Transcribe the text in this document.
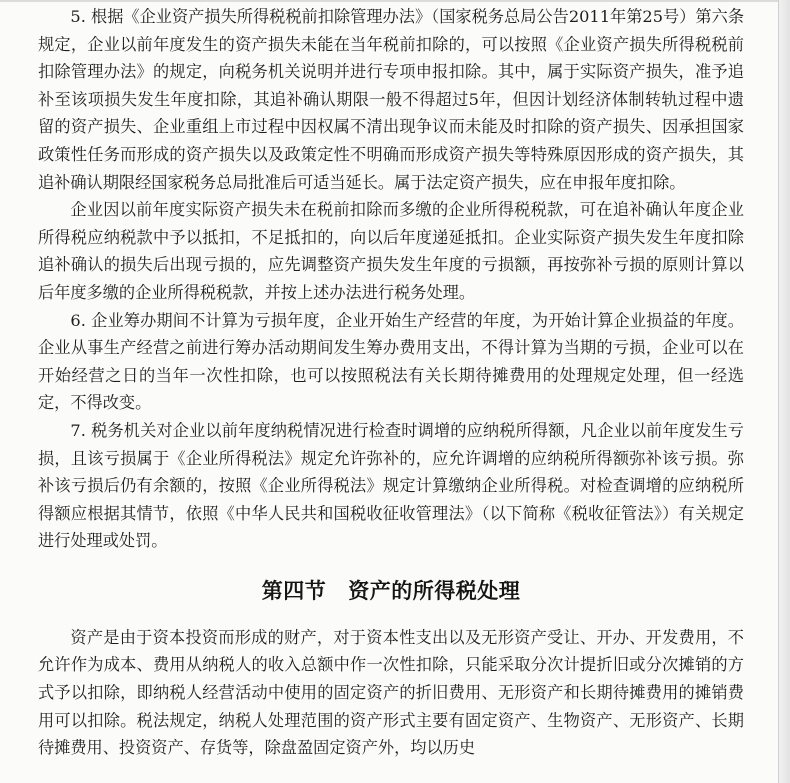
5. 根据《企业资产损失所得税税前扣除管理办法》（国家税务总局公告2011年第25号）第六条规定，企业以前年度发生的资产损失未能在当年税前扣除的，可以按照《企业资产损失所得税税前扣除管理办法》的规定，向税务机关说明并进行专项申报扣除。其中，属于实际资产损失，准予追补至该项损失发生年度扣除，其追补确认期限一般不得超过5年，但因计划经济体制转轨过程中遗留的资产损失、企业重组上市过程中因权属不清出现争议而未能及时扣除的资产损失、因承担国家政策性任务而形成的资产损失以及政策定性不明确而形成资产损失等特殊原因形成的资产损失，其追补确认期限经国家税务总局批准后可适当延长。属于法定资产损失，应在申报年度扣除。

企业因以前年度实际资产损失未在税前扣除而多缴的企业所得税税款，可在追补确认年度企业所得税应纳税款中予以抵扣，不足抵扣的，向以后年度递延抵扣。企业实际资产损失发生年度扣除追补确认的损失后出现亏损的，应先调整资产损失发生年度的亏损额，再按弥补亏损的原则计算以后年度多缴的企业所得税税款，并按上述办法进行税务处理。

6. 企业筹办期间不计算为亏损年度，企业开始生产经营的年度，为开始计算企业损益的年度。企业从事生产经营之前进行筹办活动期间发生筹办费用支出，不得计算为当期的亏损，企业可以在开始经营之日的当年一次性扣除，也可以按照税法有关长期待摊费用的处理规定处理，但一经选定，不得改变。

7. 税务机关对企业以前年度纳税情况进行检查时调增的应纳税所得额，凡企业以前年度发生亏损，且该亏损属于《企业所得税法》规定允许弥补的，应允许调增的应纳税所得额弥补该亏损。弥补该亏损后仍有余额的，按照《企业所得税法》规定计算缴纳企业所得税。对检查调增的应纳税所得额应根据其情节，依照《中华人民共和国税收征收管理法》（以下简称《税收征管法》）有关规定进行处理或处罚。

第四节 资产的所得税处理

资产是由于资本投资而形成的财产，对于资本性支出以及无形资产受让、开办、开发费用，不允许作为成本、费用从纳税人的收入总额中作一次性扣除，只能采取分次计提折旧或分次摊销的方式予以扣除，即纳税人经营活动中使用的固定资产的折旧费用、无形资产和长期待摊费用的摊销费用可以扣除。税法规定，纳税人处理范围的资产形式主要有固定资产、生物资产、无形资产、长期待摊费用、投资资产、存货等，除盘盈固定资产外，均以历史
